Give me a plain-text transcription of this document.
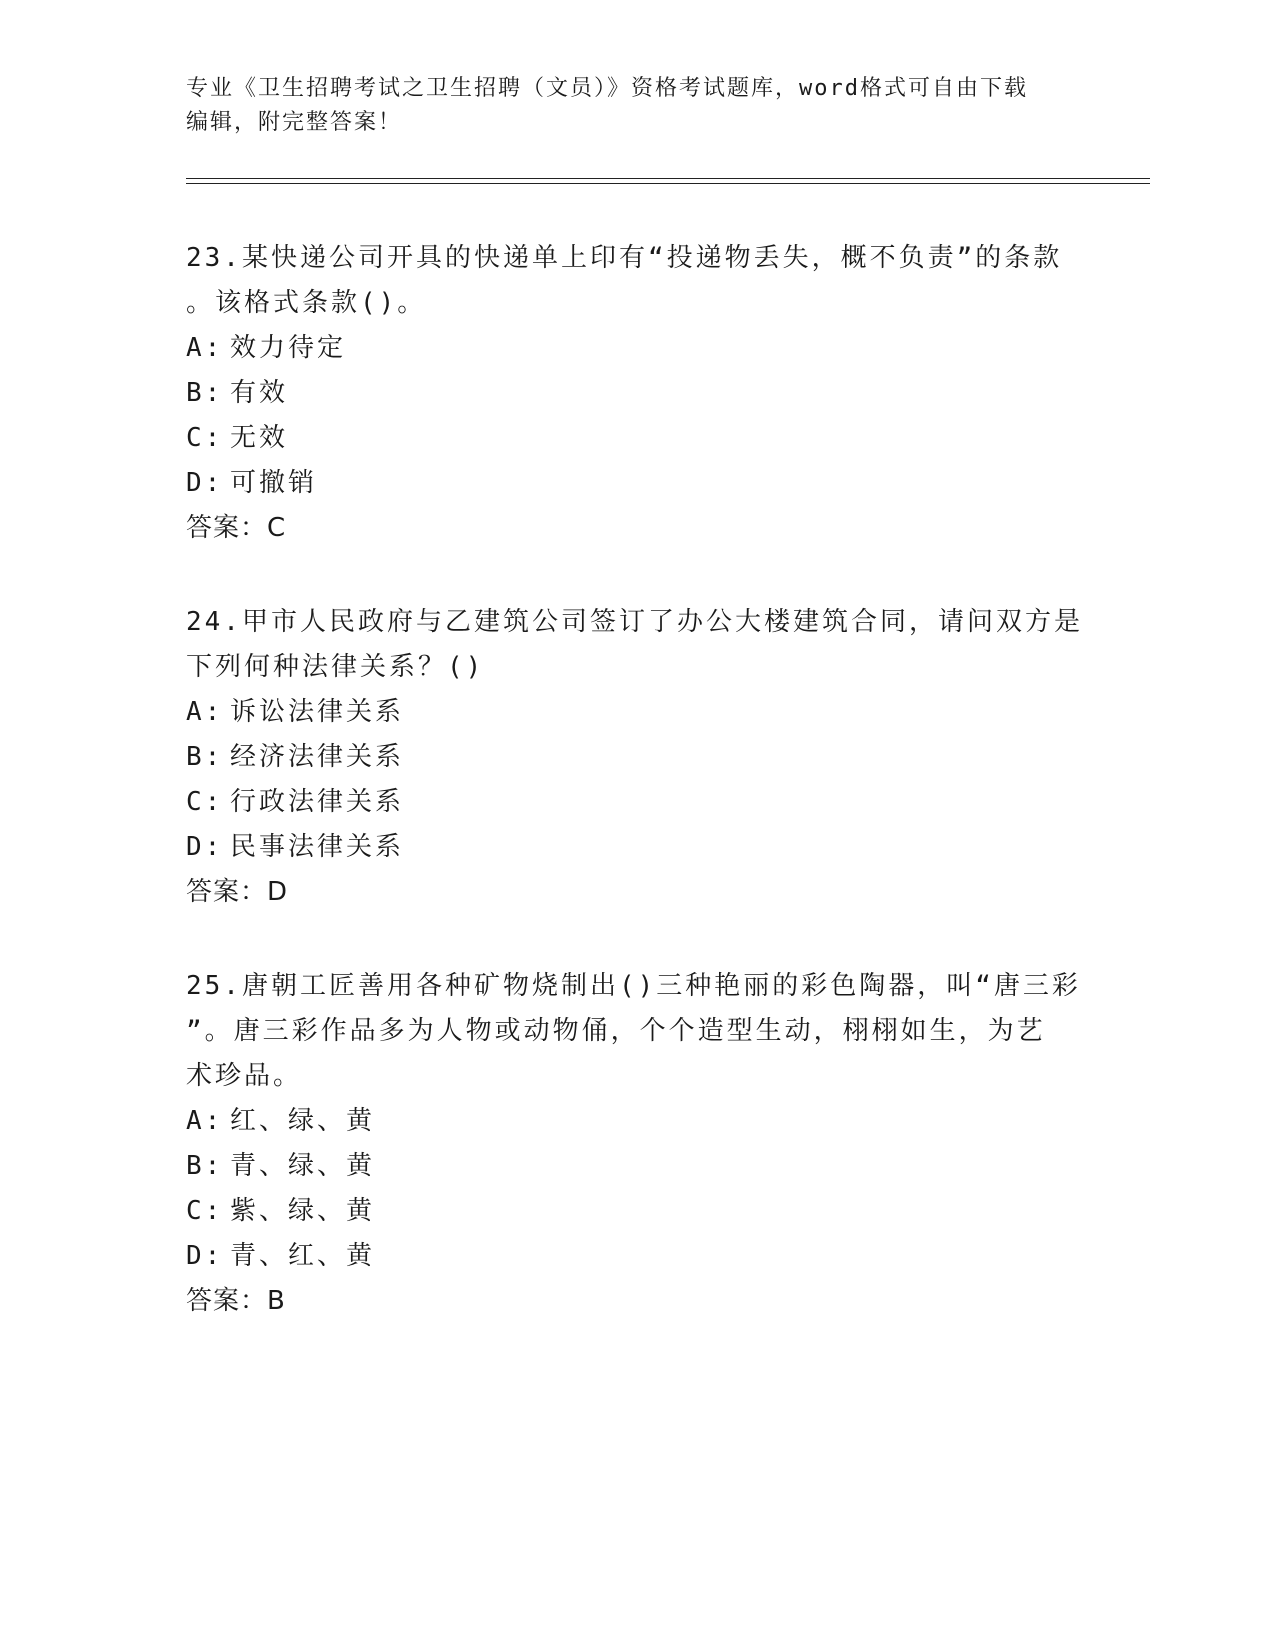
专业《卫生招聘考试之卫生招聘（文员）》资格考试题库，word格式可自由下载
编辑，附完整答案！

23.某快递公司开具的快递单上印有“投递物丢失，概不负责”的条款

。该格式条款()。

A: 效力待定

B: 有效

C: 无效

D: 可撤销

答案：C

24.甲市人民政府与乙建筑公司签订了办公大楼建筑合同，请问双方是

下列何种法律关系？()

A: 诉讼法律关系

B: 经济法律关系

C: 行政法律关系

D: 民事法律关系

答案：D

25.唐朝工匠善用各种矿物烧制出()三种艳丽的彩色陶器，叫“唐三彩

”。唐三彩作品多为人物或动物俑，个个造型生动，栩栩如生，为艺

术珍品。

A: 红、绿、黄

B: 青、绿、黄

C: 紫、绿、黄

D: 青、红、黄

答案：B
